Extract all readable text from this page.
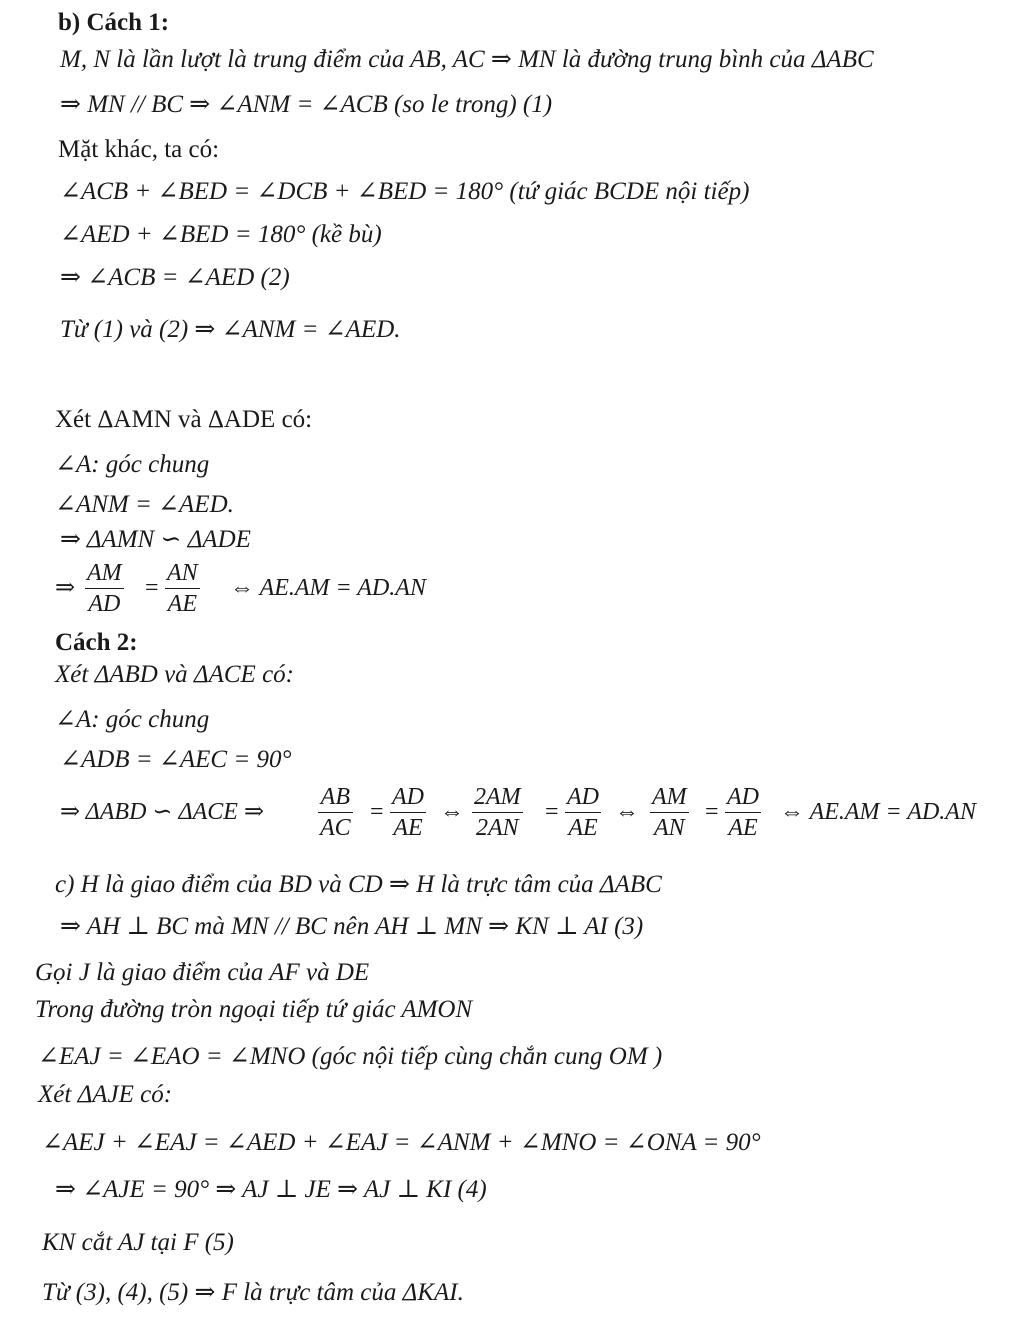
b) Cách 1:
M, N là lần lượt là trung điểm của AB, AC ⇒ MN là đường trung bình của ΔABC
⇒ MN // BC ⇒ ∠ANM = ∠ACB (so le trong) (1)
Mặt khác, ta có:
∠ACB + ∠BED = ∠DCB + ∠BED = 180° (tứ giác BCDE nội tiếp)
∠AED + ∠BED = 180° (kề bù)
⇒ ∠ACB = ∠AED (2)
Từ (1) và (2) ⇒ ∠ANM = ∠AED.
Xét ΔAMN và ΔADE có:
∠A: góc chung
∠ANM = ∠AED.
⇒ ΔAMN ∽ ΔADE
⇒
AM
AD
=
AN
AE
⇔ AE.AM = AD.AN
Cách 2:
Xét ΔABD và ΔACE có:
∠A: góc chung
∠ADB = ∠AEC = 90°
⇒ ΔABD ∽ ΔACE ⇒
AB
AC
=
AD
AE
⇔
2AM
2AN
=
AD
AE
⇔
AM
AN
=
AD
AE
⇔ AE.AM = AD.AN
c) H là giao điểm của BD và CD ⇒ H là trực tâm của ΔABC
⇒ AH ⊥ BC mà MN // BC nên AH ⊥ MN ⇒ KN ⊥ AI (3)
Gọi J là giao điểm của AF và DE
Trong đường tròn ngoại tiếp tứ giác AMON
∠EAJ = ∠EAO = ∠MNO (góc nội tiếp cùng chắn cung OM )
Xét ΔAJE có:
∠AEJ + ∠EAJ = ∠AED + ∠EAJ = ∠ANM + ∠MNO = ∠ONA = 90°
⇒ ∠AJE = 90° ⇒ AJ ⊥ JE ⇒ AJ ⊥ KI (4)
KN cắt AJ tại F (5)
Từ (3), (4), (5) ⇒ F là trực tâm của ΔKAI.
